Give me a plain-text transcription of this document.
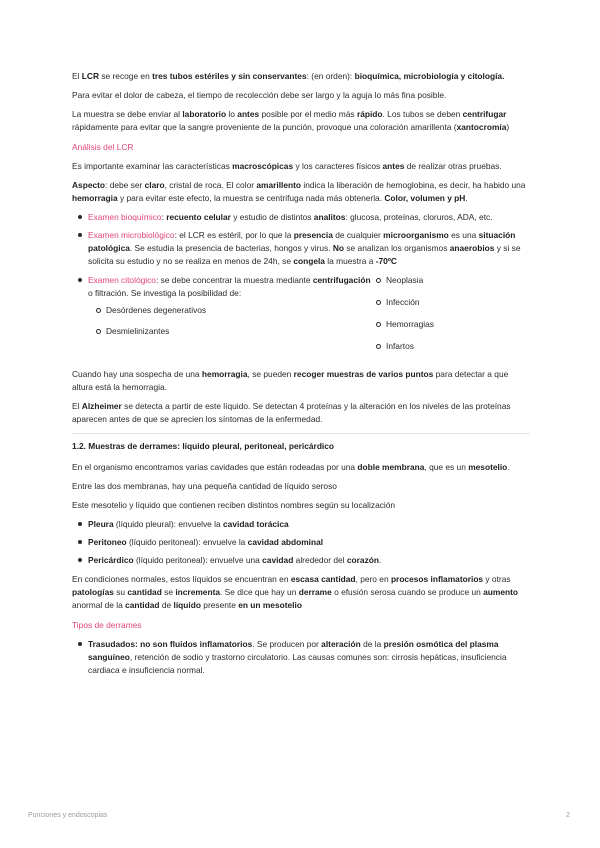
El LCR se recoge en tres tubos estériles y sin conservantes: (en orden): bioquímica, microbiología y citología.

Para evitar el dolor de cabeza, el tiempo de recolección debe ser largo y la aguja lo más fina posible.

La muestra se debe enviar al laboratorio lo antes posible por el medio más rápido. Los tubos se deben centrifugar rápidamente para evitar que la sangre proveniente de la punción, provoque una coloración amarillenta (xantocromía)

Análisis del LCR

Es importante examinar las características macroscópicas y los caracteres físicos antes de realizar otras pruebas.

Aspecto: debe ser claro, cristal de roca. El color amarillento indica la liberación de hemoglobina, es decir, ha habido una hemorragia y para evitar este efecto, la muestra se centrifuga nada más obtenerla. Color, volumen y pH.

Examen bioquímico: recuento celular y estudio de distintos analitos: glucosa, proteínas, cloruros, ADA, etc.
Examen microbiológico: el LCR es estéril, por lo que la presencia de cualquier microorganismo es una situación patológica. Se estudia la presencia de bacterias, hongos y virus. No se analizan los organismos anaerobios y si se solicita su estudio y no se realiza en menos de 24h, se congela la muestra a -70ºC
Examen citológico: se debe concentrar la muestra mediante centrifugación o filtración. Se investiga la posibilidad de:
Desórdenes degenerativos
Desmielinizantes
Neoplasia
Infección
Hemorragias
Infartos

Cuando hay una sospecha de una hemorragia, se pueden recoger muestras de varios puntos para detectar a que altura está la hemorragia.

El Alzheimer se detecta a partir de este líquido. Se detectan 4 proteínas y la alteración en los niveles de las proteínas aparecen antes de que se aprecien los síntomas de la enfermedad.

1.2. Muestras de derrames: líquido pleural, peritoneal, pericárdico

En el organismo encontramos varias cavidades que están rodeadas por una doble membrana, que es un mesotelio.

Entre las dos membranas, hay una pequeña cantidad de líquido seroso

Este mesotelio y líquido que contienen reciben distintos nombres según su localización

Pleura (líquido pleural): envuelve la cavidad torácica
Peritoneo (líquido peritoneal): envuelve la cavidad abdominal
Pericárdico (líquido peritoneal): envuelve una cavidad alrededor del corazón.

En condiciones normales, estos líquidos se encuentran en escasa cantidad, pero en procesos inflamatorios y otras patologías su cantidad se incrementa. Se dice que hay un derrame o efusión serosa cuando se produce un aumento anormal de la cantidad de líquido presente en un mesotelio

Tipos de derrames

Trasudados: no son fluidos inflamatorios. Se producen por alteración de la presión osmótica del plasma sanguíneo, retención de sodio y trastorno circulatorio. Las causas comunes son: cirrosis hepáticas, insuficiencia cardiaca e insuficiencia normal.
Punciones y endoscopias	2
